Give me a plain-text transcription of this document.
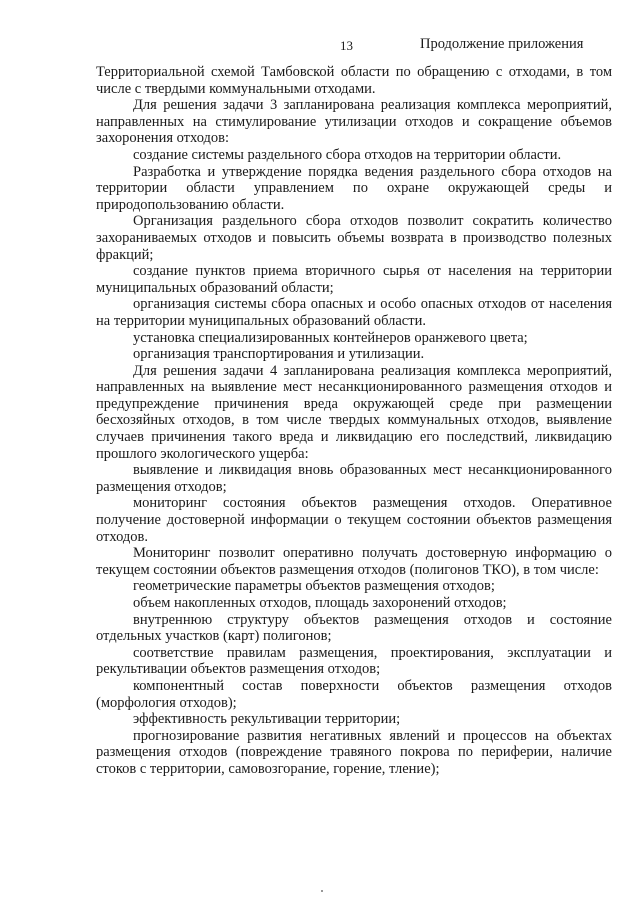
13	Продолжение приложения

Территориальной схемой Тамбовской области по обращению с отходами, в том числе с твердыми коммунальными отходами.

Для решения задачи 3 запланирована реализация комплекса мероприятий, направленных на стимулирование утилизации отходов и сокращение объемов захоронения отходов:

создание системы раздельного сбора отходов на территории области.

Разработка и утверждение порядка ведения раздельного сбора отходов на территории области управлением по охране окружающей среды и природопользованию области.

Организация раздельного сбора отходов позволит сократить количество захораниваемых отходов и повысить объемы возврата в производство полезных фракций;

создание пунктов приема вторичного сырья от населения на территории муниципальных образований области;

организация системы сбора опасных и особо опасных отходов от населения на территории муниципальных образований области.

установка специализированных контейнеров оранжевого цвета;

организация транспортирования и утилизации.

Для решения задачи 4 запланирована реализация комплекса мероприятий, направленных на выявление мест несанкционированного размещения отходов и предупреждение причинения вреда окружающей среде при размещении бесхозяйных отходов, в том числе твердых коммунальных отходов, выявление случаев причинения такого вреда и ликвидацию его последствий, ликвидацию прошлого экологического ущерба:

выявление и ликвидация вновь образованных мест несанкционированного размещения отходов;

мониторинг состояния объектов размещения отходов. Оперативное получение достоверной информации о текущем состоянии объектов размещения отходов.

Мониторинг позволит оперативно получать достоверную информацию о текущем состоянии объектов размещения отходов (полигонов ТКО), в том числе:

геометрические параметры объектов размещения отходов;

объем накопленных отходов, площадь захоронений отходов;

внутреннюю структуру объектов размещения отходов и состояние отдельных участков (карт) полигонов;

соответствие правилам размещения, проектирования, эксплуатации и рекультивации объектов размещения отходов;

компонентный состав поверхности объектов размещения отходов (морфология отходов);

эффективность рекультивации территории;

прогнозирование развития негативных явлений и процессов на объектах размещения отходов (повреждение травяного покрова по периферии, наличие стоков с территории, самовозгорание, горение, тление);
